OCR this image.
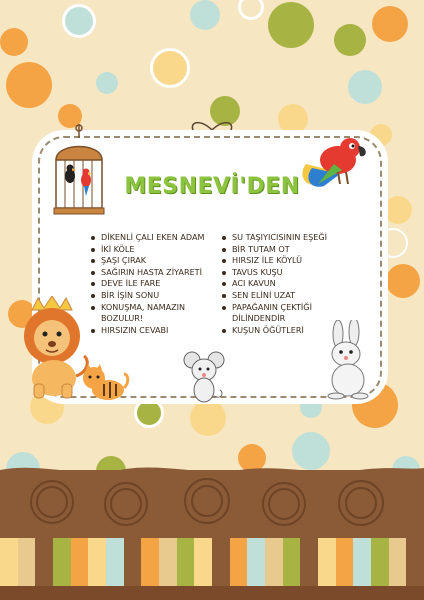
MESNEVİ'DEN
DİKENLİ ÇALI EKEN ADAM
İKİ KÖLE
ŞAŞI ÇIRAK
SAĞIRIN HASTA ZİYARETİ
DEVE İLE FARE
BİR İŞİN SONU
KONUŞMA, NAMAZIN
BOZULUR!
HIRSIZIN CEVABI
SU TAŞIYICISININ EŞEĞİ
BİR TUTAM OT
HIRSIZ İLE KÖYLÜ
TAVUS KUŞU
ACI KAVUN
SEN ELİNİ UZAT
PAPAĞANIN ÇEKTİĞİ
DİLİNDENDİR
KUŞUN ÖĞÜTLERİ
